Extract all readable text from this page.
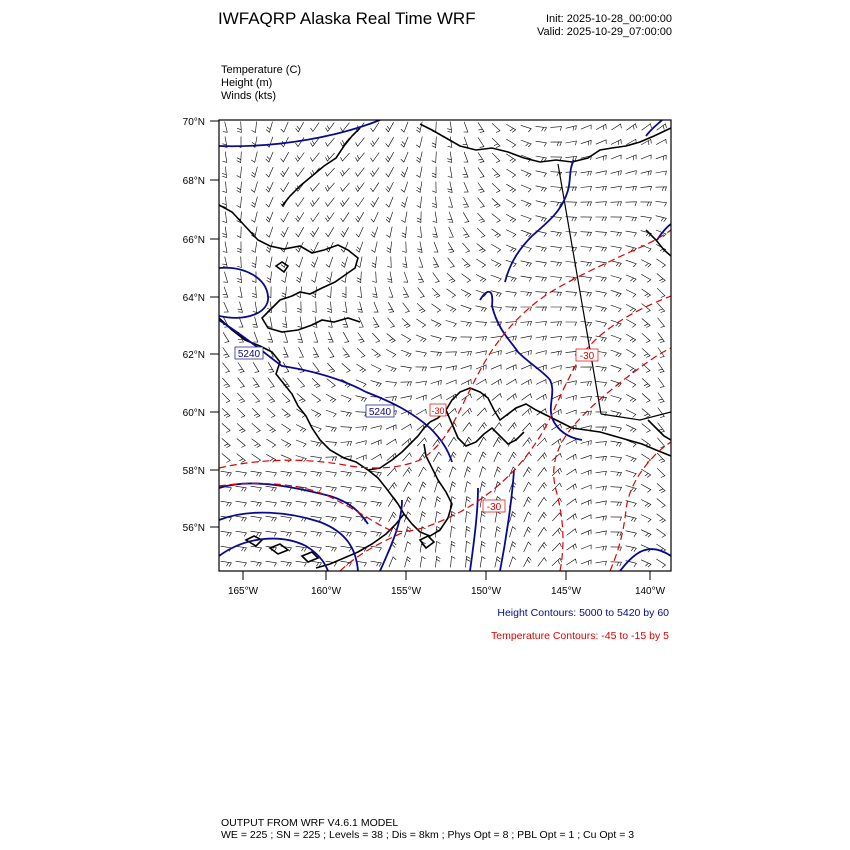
IWFAQRP Alaska Real Time WRF	Init: 2025-10-28_00:00:00
Valid: 2025-10-29_07:00:00
Temperature (C)
Height (m)
Winds (kts)
5240
5240
-30
-30
-30
70°N
68°N
66°N
64°N
62°N
60°N
58°N
56°N
165°W	160°W	155°W	150°W	145°W	140°W
Height Contours: 5000 to 5420 by 60
Temperature Contours: -45 to -15 by 5
OUTPUT FROM WRF V4.6.1 MODEL
WE = 225 ; SN = 225 ; Levels = 38 ; Dis = 8km ; Phys Opt = 8 ; PBL Opt = 1 ; Cu Opt = 3
